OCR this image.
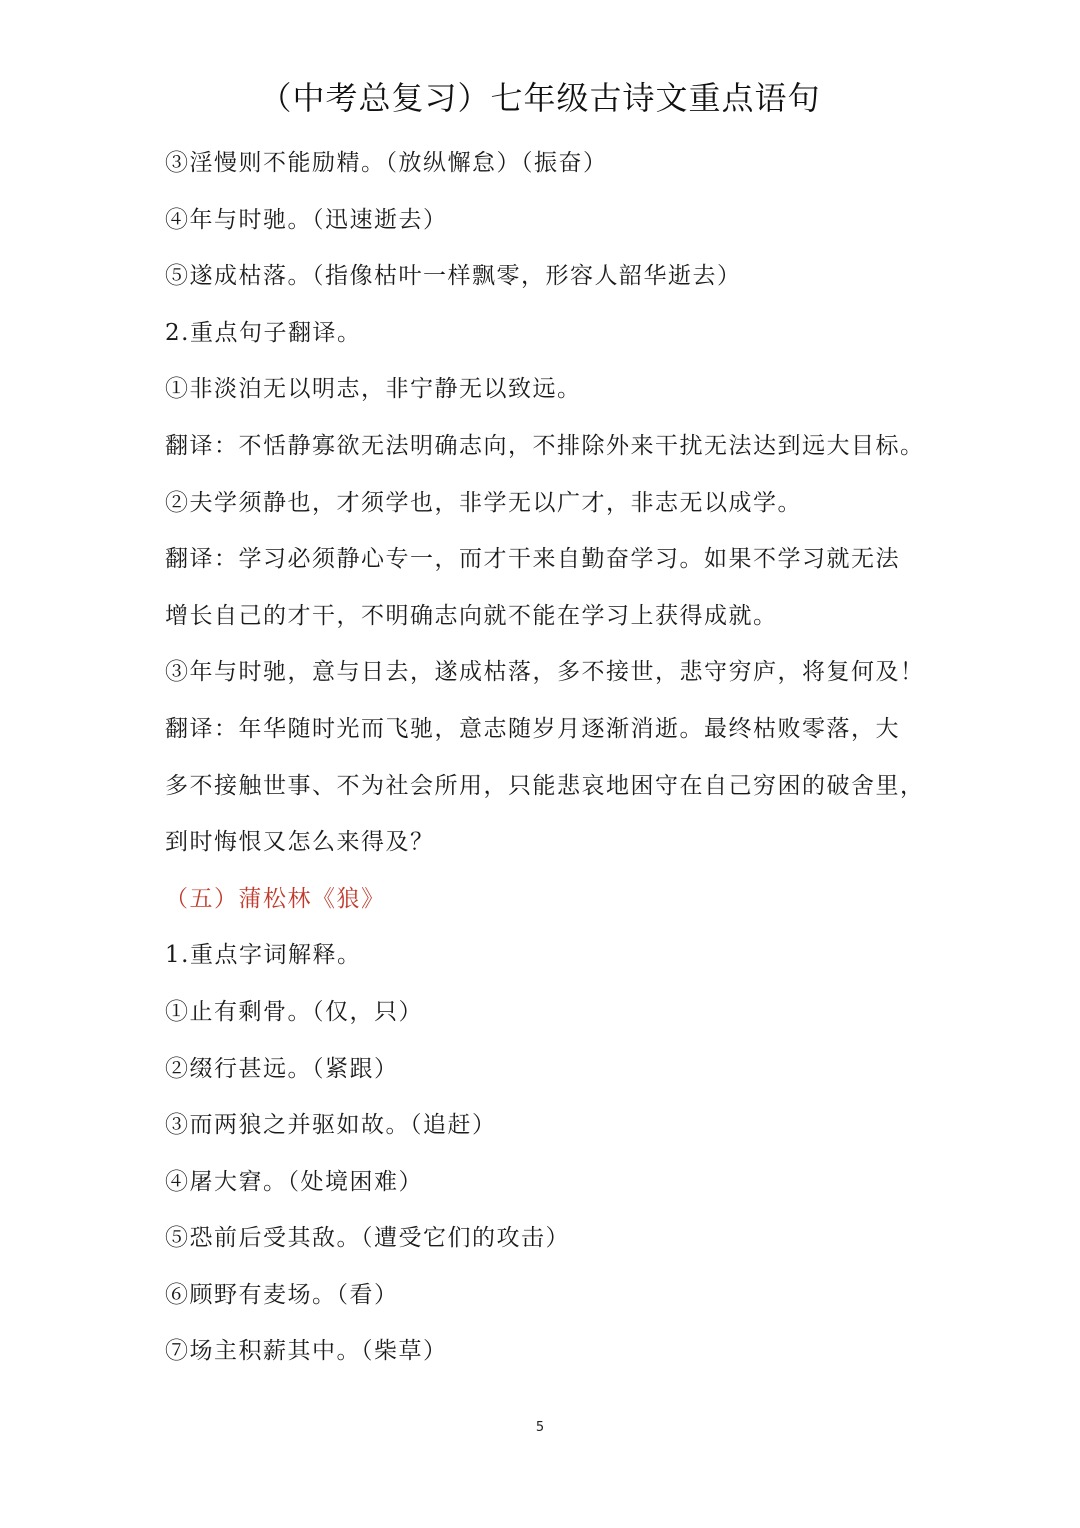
（中考总复习）七年级古诗文重点语句
③淫慢则不能励精。（放纵懈怠）（振奋）
④年与时驰。（迅速逝去）
⑤遂成枯落。（指像枯叶一样飘零，形容人韶华逝去）
2.重点句子翻译。
①非淡泊无以明志，非宁静无以致远。
翻译：不恬静寡欲无法明确志向，不排除外来干扰无法达到远大目标。
②夫学须静也，才须学也，非学无以广才，非志无以成学。
翻译：学习必须静心专一，而才干来自勤奋学习。如果不学习就无法
增长自己的才干，不明确志向就不能在学习上获得成就。
③年与时驰，意与日去，遂成枯落，多不接世，悲守穷庐，将复何及！
翻译：年华随时光而飞驰，意志随岁月逐渐消逝。最终枯败零落，大
多不接触世事、不为社会所用，只能悲哀地困守在自己穷困的破舍里，
到时悔恨又怎么来得及？
（五）蒲松林《狼》
1.重点字词解释。
①止有剩骨。（仅，只）
②缀行甚远。（紧跟）
③而两狼之并驱如故。（追赶）
④屠大窘。（处境困难）
⑤恐前后受其敌。（遭受它们的攻击）
⑥顾野有麦场。（看）
⑦场主积薪其中。（柴草）
5
